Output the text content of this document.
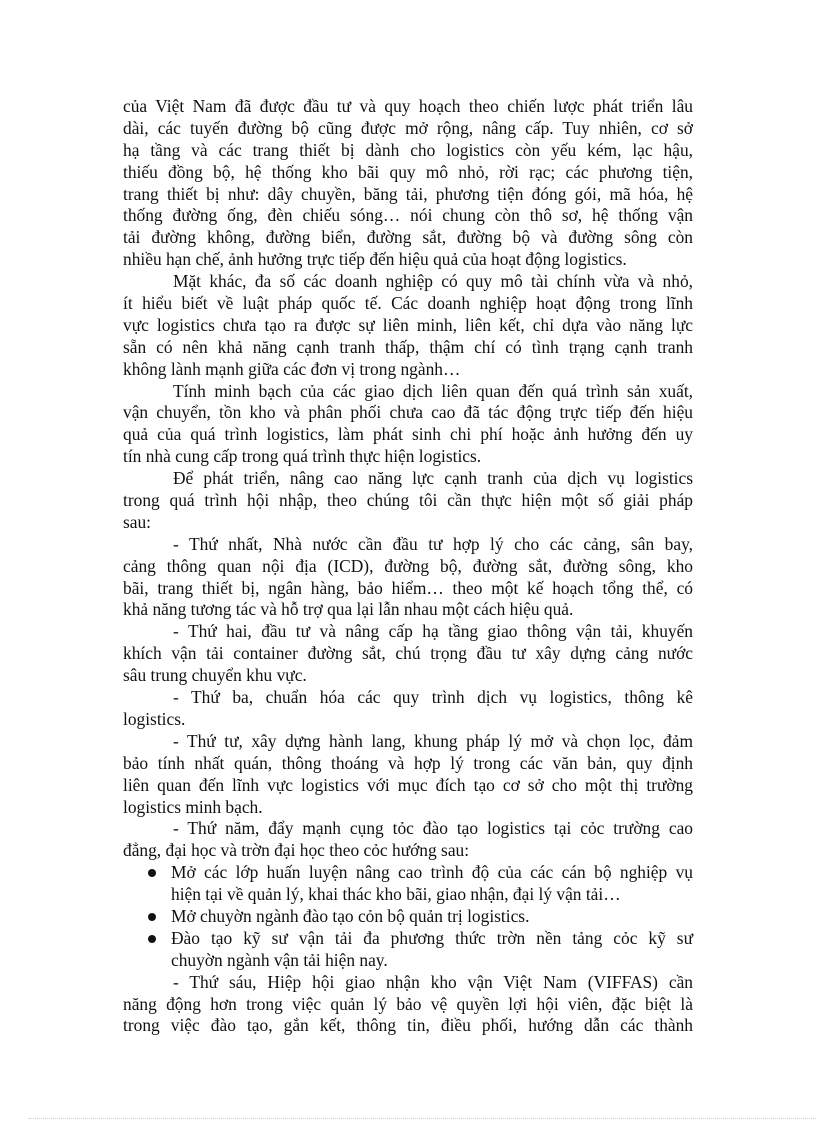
của Việt Nam đã được đầu tư và quy hoạch theo chiến lược phát triển lâu
dài, các tuyến đường bộ cũng được mở rộng, nâng cấp. Tuy nhiên, cơ sở
hạ tầng và các trang thiết bị dành cho logistics còn yếu kém, lạc hậu,
thiếu đồng bộ, hệ thống kho bãi quy mô nhỏ, rời rạc; các phương tiện,
trang thiết bị như: dây chuyền, băng tải, phương tiện đóng gói, mã hóa, hệ
thống đường ống, đèn chiếu sóng… nói chung còn thô sơ, hệ thống vận
tải đường không, đường biển, đường sắt, đường bộ và đường sông còn
nhiều hạn chế, ảnh hưởng trực tiếp đến hiệu quả của hoạt động logistics.
Mặt khác, đa số các doanh nghiệp có quy mô tài chính vừa và nhỏ,
ít hiểu biết về luật pháp quốc tế. Các doanh nghiệp hoạt động trong lĩnh
vực logistics chưa tạo ra được sự liên minh, liên kết, chỉ dựa vào năng lực
sẵn có nên khả năng cạnh tranh thấp, thậm chí có tình trạng cạnh tranh
không lành mạnh giữa các đơn vị trong ngành…
Tính minh bạch của các giao dịch liên quan đến quá trình sản xuất,
vận chuyển, tồn kho và phân phối chưa cao đã tác động trực tiếp đến hiệu
quả của quá trình logistics, làm phát sinh chi phí hoặc ảnh hưởng đến uy
tín nhà cung cấp trong quá trình thực hiện logistics.
Để phát triển, nâng cao năng lực cạnh tranh của dịch vụ logistics
trong quá trình hội nhập, theo chúng tôi cần thực hiện một số giải pháp
sau:
- Thứ nhất, Nhà nước cần đầu tư hợp lý cho các cảng, sân bay,
cảng thông quan nội địa (ICD), đường bộ, đường sắt, đường sông, kho
bãi, trang thiết bị, ngân hàng, bảo hiểm… theo một kế hoạch tổng thể, có
khả năng tương tác và hỗ trợ qua lại lẫn nhau một cách hiệu quả.
- Thứ hai, đầu tư và nâng cấp hạ tầng giao thông vận tải, khuyến
khích vận tải container đường sắt, chú trọng đầu tư xây dựng cảng nước
sâu trung chuyển khu vực.
- Thứ ba, chuẩn hóa các quy trình dịch vụ logistics, thông kê
logistics.
- Thứ tư, xây dựng hành lang, khung pháp lý mở và chọn lọc, đảm
bảo tính nhất quán, thông thoáng và hợp lý trong các văn bản, quy định
liên quan đến lĩnh vực logistics với mục đích tạo cơ sở cho một thị trường
logistics minh bạch.
- Thứ năm, đẩy mạnh cụng tỏc đào tạo logistics tại cỏc trường cao
đẳng, đại học và trờn đại học theo cỏc hướng sau:
Mở các lớp huấn luyện nâng cao trình độ của các cán bộ nghiệp vụ
hiện tại về quản lý, khai thác kho bãi, giao nhận, đại lý vận tải…
Mở chuyờn ngành đào tạo cỏn bộ quản trị logistics.
Đào tạo kỹ sư vận tải đa phương thức trờn nền tảng cỏc kỹ sư
chuyờn ngành vận tải hiện nay.
- Thứ sáu, Hiệp hội giao nhận kho vận Việt Nam (VIFFAS) cần
năng động hơn trong việc quản lý bảo vệ quyền lợi hội viên, đặc biệt là
trong việc đào tạo, gắn kết, thông tin, điều phối, hướng dẫn các thành
